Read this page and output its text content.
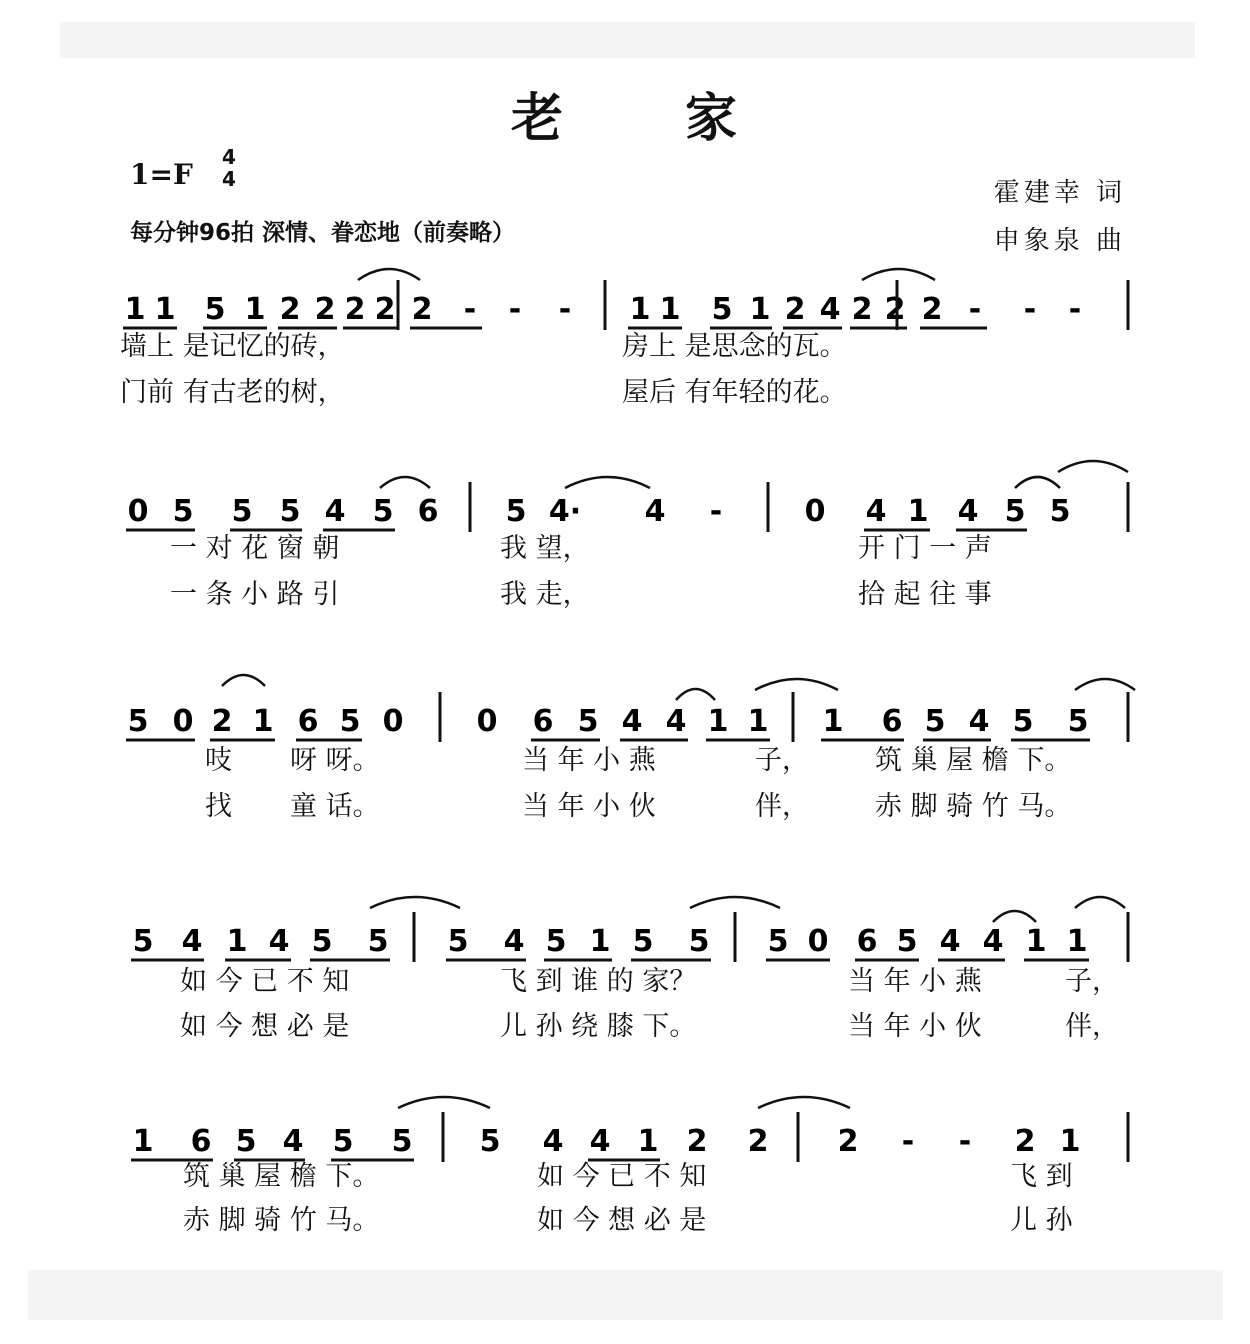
老 家
1=F
4
4
每分钟96拍 深情、眷恋地（前奏略）
霍建幸 词
申象泉 曲
1 1 5 1 2 2 2 2 2 - - - 1 1 5 1 2 4 2 2 2 - - -
0 5 5 5 4 5 6 5 4· 4 -	0 4 1 4 5 5
5 0 2 1 6 5 0 0 6 5 4 4 1 1 1 6 5 4 5 5
5 4 1 4 5 5 5 4 5 1 5 5 5 0 6 5 4 4 1 1
1 6 5 4 5 5 5 4 4 1 2 2 2 - - 2 1
墙上 是记忆的砖，	房上 是思念的瓦。
门前 有古老的树，	屋后 有年轻的花。
一 对 花 窗 朝	我 望，	开 门 一 声
一 条 小 路 引	我 走，	拾 起 往 事
吱 呀 呀。	当 年 小 燕	子， 筑 巢 屋 檐 下。
找 童 话。	当 年 小 伙	伴， 赤 脚 骑 竹 马。
如 今 已 不 知	飞 到 谁 的 家？	当 年 小 燕	子，
如 今 想 必 是	儿 孙 绕 膝 下。	当 年 小 伙	伴，
筑 巢 屋 檐 下。	如 今 已 不 知	飞 到
赤 脚 骑 竹 马。	如 今 想 必 是	儿 孙
